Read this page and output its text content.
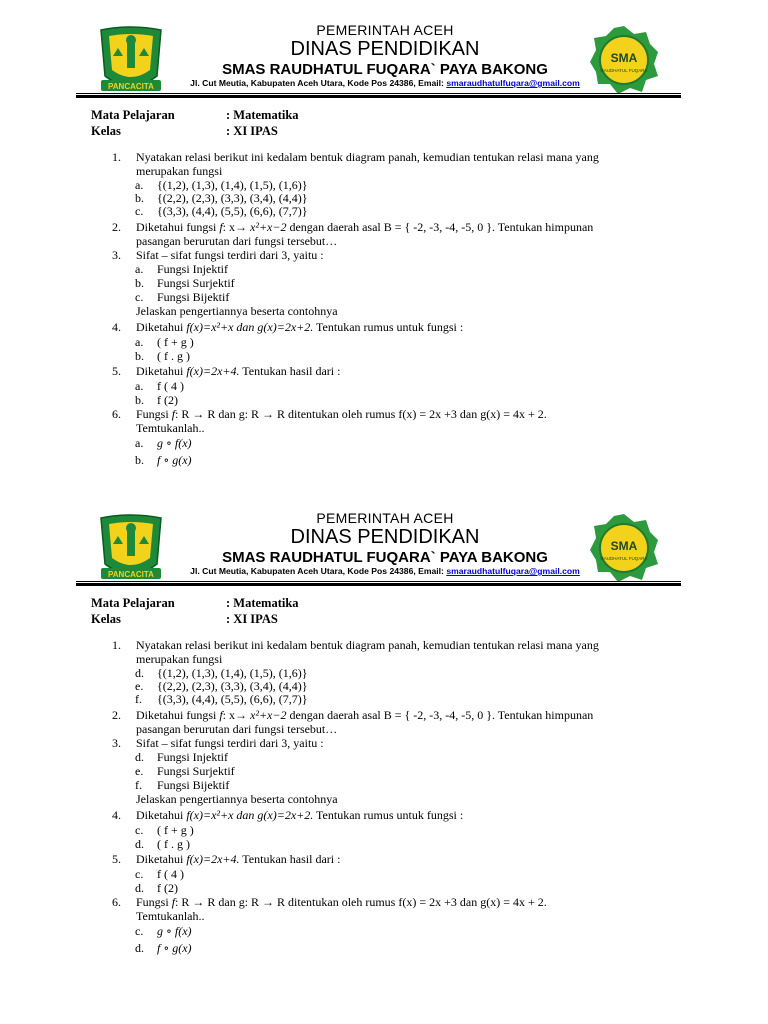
PANCACITA
PEMERINTAH ACEH
DINAS PENDIDIKAN
SMAS RAUDHATUL FUQARA` PAYA BAKONG
Jl. Cut Meutia, Kabupaten Aceh Utara, Kode Pos 24386, Email: smaraudhatulfuqara@gmail.com
SMA
RAUDHATUL FUQARA
Mata Pelajaran	: Matematika
Kelas	: XI IPAS
1. Nyatakan relasi berikut ini kedalam bentuk diagram panah, kemudian tentukan relasi mana yang
merupakan fungsi
a. {(1,2), (1,3), (1,4), (1,5), (1,6)}
b. {(2,2), (2,3), (3,3), (3,4), (4,4)}
c. {(3,3), (4,4), (5,5), (6,6), (7,7)}
2. Diketahui fungsi f: x→ x²+x−2 dengan daerah asal B = { -2, -3, -4, -5, 0 }. Tentukan himpunan
pasangan berurutan dari fungsi tersebut…
3. Sifat – sifat fungsi terdiri dari 3, yaitu :
a. Fungsi Injektif
b. Fungsi Surjektif
c. Fungsi Bijektif
Jelaskan pengertiannya beserta contohnya
4. Diketahui f(x)=x²+x dan g(x)=2x+2. Tentukan rumus untuk fungsi :
a. ( f + g )
b. ( f . g )
5. Diketahui f(x)=2x+4. Tentukan hasil dari :
a. f ( 4 )
b. f (2)
6. Fungsi f: R → R dan g: R → R ditentukan oleh rumus f(x) = 2x +3 dan g(x) = 4x + 2.
Temtukanlah..
a. g ∘ f(x)
b. f ∘ g(x)
PANCACITA
PEMERINTAH ACEH
DINAS PENDIDIKAN
SMAS RAUDHATUL FUQARA` PAYA BAKONG
Jl. Cut Meutia, Kabupaten Aceh Utara, Kode Pos 24386, Email: smaraudhatulfuqara@gmail.com
SMA
RAUDHATUL FUQARA
Mata Pelajaran	: Matematika
Kelas	: XI IPAS
1. Nyatakan relasi berikut ini kedalam bentuk diagram panah, kemudian tentukan relasi mana yang
merupakan fungsi
d. {(1,2), (1,3), (1,4), (1,5), (1,6)}
e. {(2,2), (2,3), (3,3), (3,4), (4,4)}
f. {(3,3), (4,4), (5,5), (6,6), (7,7)}
2. Diketahui fungsi f: x→ x²+x−2 dengan daerah asal B = { -2, -3, -4, -5, 0 }. Tentukan himpunan
pasangan berurutan dari fungsi tersebut…
3. Sifat – sifat fungsi terdiri dari 3, yaitu :
d. Fungsi Injektif
e. Fungsi Surjektif
f. Fungsi Bijektif
Jelaskan pengertiannya beserta contohnya
4. Diketahui f(x)=x²+x dan g(x)=2x+2. Tentukan rumus untuk fungsi :
c. ( f + g )
d. ( f . g )
5. Diketahui f(x)=2x+4. Tentukan hasil dari :
c. f ( 4 )
d. f (2)
6. Fungsi f: R → R dan g: R → R ditentukan oleh rumus f(x) = 2x +3 dan g(x) = 4x + 2.
Temtukanlah..
c. g ∘ f(x)
d. f ∘ g(x)
